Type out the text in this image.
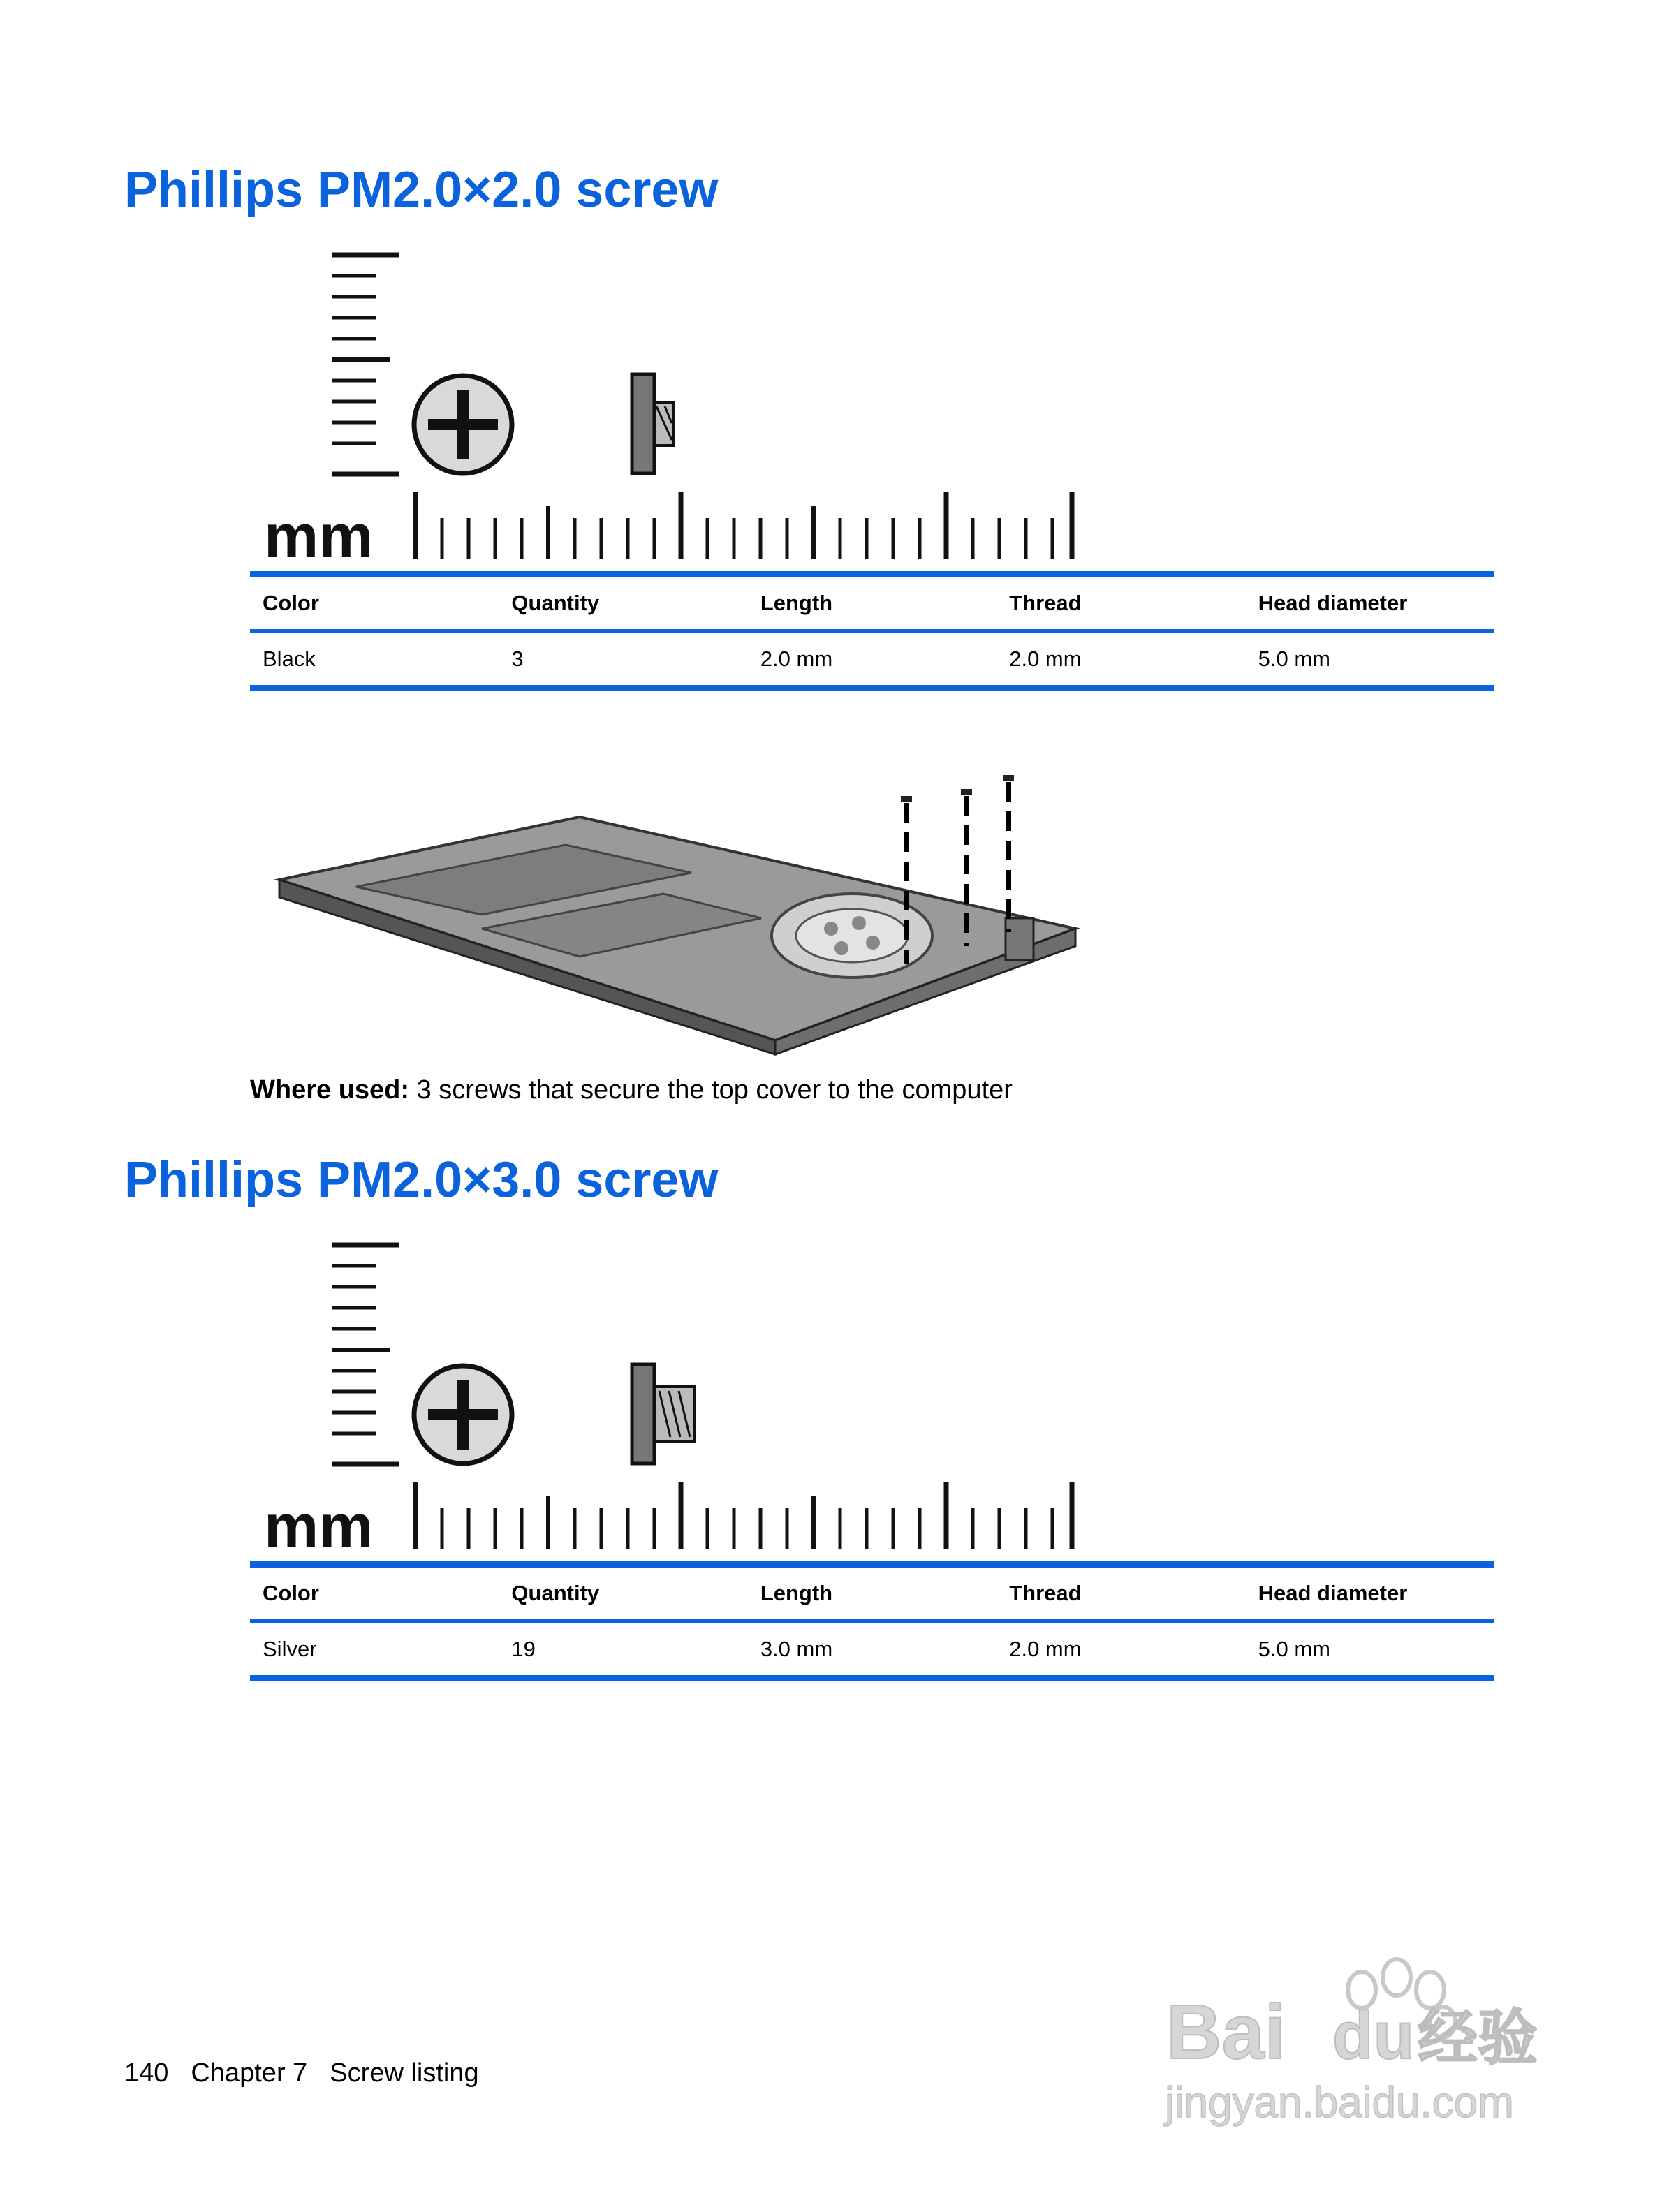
Phillips PM2.0×2.0 screw
mm
Color	Quantity	Length	Thread	Head diameter
Black	3	2.0 mm	2.0 mm	5.0 mm
Where used: 3 screws that secure the top cover to the computer
Phillips PM2.0×3.0 screw
mm
Color	Quantity	Length	Thread	Head diameter
Silver	19	3.0 mm	2.0 mm	5.0 mm
Bai du 经验
jingyan.baidu.com
140 Chapter 7 Screw listing
